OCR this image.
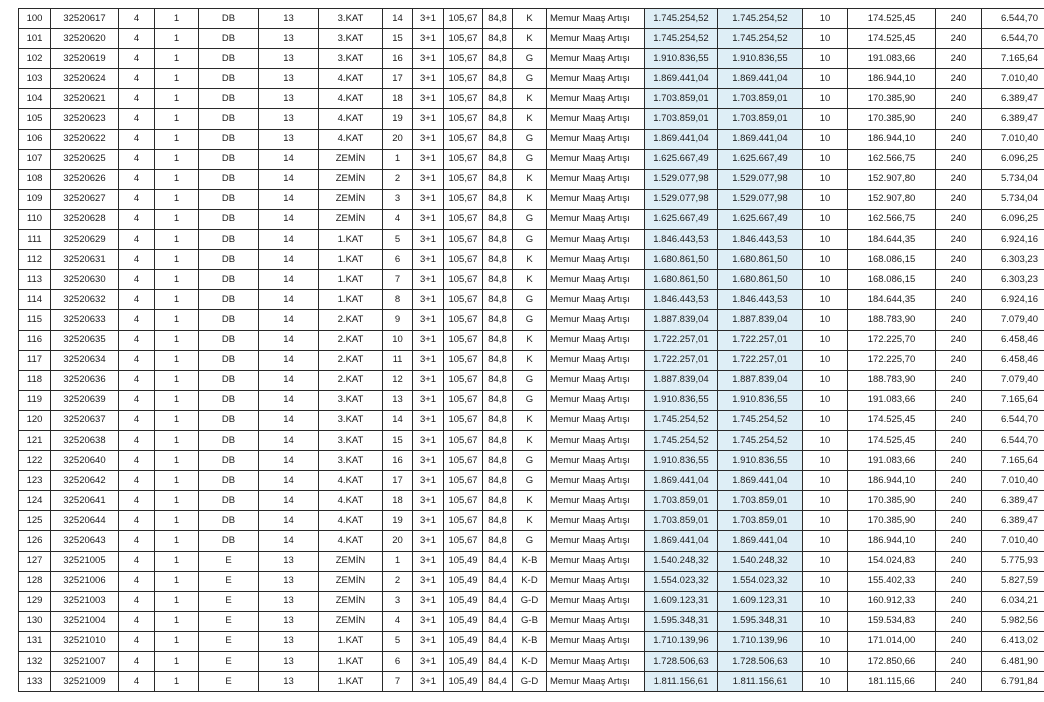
100	32520617	4	1	DB	13	3.KAT	14	3+1	105,67	84,8	K	Memur Maaş Artışı	1.745.254,52	1.745.254,52	10	174.525,45	240	6.544,70
101	32520620	4	1	DB	13	3.KAT	15	3+1	105,67	84,8	K	Memur Maaş Artışı	1.745.254,52	1.745.254,52	10	174.525,45	240	6.544,70
102	32520619	4	1	DB	13	3.KAT	16	3+1	105,67	84,8	G	Memur Maaş Artışı	1.910.836,55	1.910.836,55	10	191.083,66	240	7.165,64
103	32520624	4	1	DB	13	4.KAT	17	3+1	105,67	84,8	G	Memur Maaş Artışı	1.869.441,04	1.869.441,04	10	186.944,10	240	7.010,40
104	32520621	4	1	DB	13	4.KAT	18	3+1	105,67	84,8	K	Memur Maaş Artışı	1.703.859,01	1.703.859,01	10	170.385,90	240	6.389,47
105	32520623	4	1	DB	13	4.KAT	19	3+1	105,67	84,8	K	Memur Maaş Artışı	1.703.859,01	1.703.859,01	10	170.385,90	240	6.389,47
106	32520622	4	1	DB	13	4.KAT	20	3+1	105,67	84,8	G	Memur Maaş Artışı	1.869.441,04	1.869.441,04	10	186.944,10	240	7.010,40
107	32520625	4	1	DB	14	ZEMİN	1	3+1	105,67	84,8	G	Memur Maaş Artışı	1.625.667,49	1.625.667,49	10	162.566,75	240	6.096,25
108	32520626	4	1	DB	14	ZEMİN	2	3+1	105,67	84,8	K	Memur Maaş Artışı	1.529.077,98	1.529.077,98	10	152.907,80	240	5.734,04
109	32520627	4	1	DB	14	ZEMİN	3	3+1	105,67	84,8	K	Memur Maaş Artışı	1.529.077,98	1.529.077,98	10	152.907,80	240	5.734,04
110	32520628	4	1	DB	14	ZEMİN	4	3+1	105,67	84,8	G	Memur Maaş Artışı	1.625.667,49	1.625.667,49	10	162.566,75	240	6.096,25
111	32520629	4	1	DB	14	1.KAT	5	3+1	105,67	84,8	G	Memur Maaş Artışı	1.846.443,53	1.846.443,53	10	184.644,35	240	6.924,16
112	32520631	4	1	DB	14	1.KAT	6	3+1	105,67	84,8	K	Memur Maaş Artışı	1.680.861,50	1.680.861,50	10	168.086,15	240	6.303,23
113	32520630	4	1	DB	14	1.KAT	7	3+1	105,67	84,8	K	Memur Maaş Artışı	1.680.861,50	1.680.861,50	10	168.086,15	240	6.303,23
114	32520632	4	1	DB	14	1.KAT	8	3+1	105,67	84,8	G	Memur Maaş Artışı	1.846.443,53	1.846.443,53	10	184.644,35	240	6.924,16
115	32520633	4	1	DB	14	2.KAT	9	3+1	105,67	84,8	G	Memur Maaş Artışı	1.887.839,04	1.887.839,04	10	188.783,90	240	7.079,40
116	32520635	4	1	DB	14	2.KAT	10	3+1	105,67	84,8	K	Memur Maaş Artışı	1.722.257,01	1.722.257,01	10	172.225,70	240	6.458,46
117	32520634	4	1	DB	14	2.KAT	11	3+1	105,67	84,8	K	Memur Maaş Artışı	1.722.257,01	1.722.257,01	10	172.225,70	240	6.458,46
118	32520636	4	1	DB	14	2.KAT	12	3+1	105,67	84,8	G	Memur Maaş Artışı	1.887.839,04	1.887.839,04	10	188.783,90	240	7.079,40
119	32520639	4	1	DB	14	3.KAT	13	3+1	105,67	84,8	G	Memur Maaş Artışı	1.910.836,55	1.910.836,55	10	191.083,66	240	7.165,64
120	32520637	4	1	DB	14	3.KAT	14	3+1	105,67	84,8	K	Memur Maaş Artışı	1.745.254,52	1.745.254,52	10	174.525,45	240	6.544,70
121	32520638	4	1	DB	14	3.KAT	15	3+1	105,67	84,8	K	Memur Maaş Artışı	1.745.254,52	1.745.254,52	10	174.525,45	240	6.544,70
122	32520640	4	1	DB	14	3.KAT	16	3+1	105,67	84,8	G	Memur Maaş Artışı	1.910.836,55	1.910.836,55	10	191.083,66	240	7.165,64
123	32520642	4	1	DB	14	4.KAT	17	3+1	105,67	84,8	G	Memur Maaş Artışı	1.869.441,04	1.869.441,04	10	186.944,10	240	7.010,40
124	32520641	4	1	DB	14	4.KAT	18	3+1	105,67	84,8	K	Memur Maaş Artışı	1.703.859,01	1.703.859,01	10	170.385,90	240	6.389,47
125	32520644	4	1	DB	14	4.KAT	19	3+1	105,67	84,8	K	Memur Maaş Artışı	1.703.859,01	1.703.859,01	10	170.385,90	240	6.389,47
126	32520643	4	1	DB	14	4.KAT	20	3+1	105,67	84,8	G	Memur Maaş Artışı	1.869.441,04	1.869.441,04	10	186.944,10	240	7.010,40
127	32521005	4	1	E	13	ZEMİN	1	3+1	105,49	84,4	K-B	Memur Maaş Artışı	1.540.248,32	1.540.248,32	10	154.024,83	240	5.775,93
128	32521006	4	1	E	13	ZEMİN	2	3+1	105,49	84,4	K-D	Memur Maaş Artışı	1.554.023,32	1.554.023,32	10	155.402,33	240	5.827,59
129	32521003	4	1	E	13	ZEMİN	3	3+1	105,49	84,4	G-D	Memur Maaş Artışı	1.609.123,31	1.609.123,31	10	160.912,33	240	6.034,21
130	32521004	4	1	E	13	ZEMİN	4	3+1	105,49	84,4	G-B	Memur Maaş Artışı	1.595.348,31	1.595.348,31	10	159.534,83	240	5.982,56
131	32521010	4	1	E	13	1.KAT	5	3+1	105,49	84,4	K-B	Memur Maaş Artışı	1.710.139,96	1.710.139,96	10	171.014,00	240	6.413,02
132	32521007	4	1	E	13	1.KAT	6	3+1	105,49	84,4	K-D	Memur Maaş Artışı	1.728.506,63	1.728.506,63	10	172.850,66	240	6.481,90
133	32521009	4	1	E	13	1.KAT	7	3+1	105,49	84,4	G-D	Memur Maaş Artışı	1.811.156,61	1.811.156,61	10	181.115,66	240	6.791,84
